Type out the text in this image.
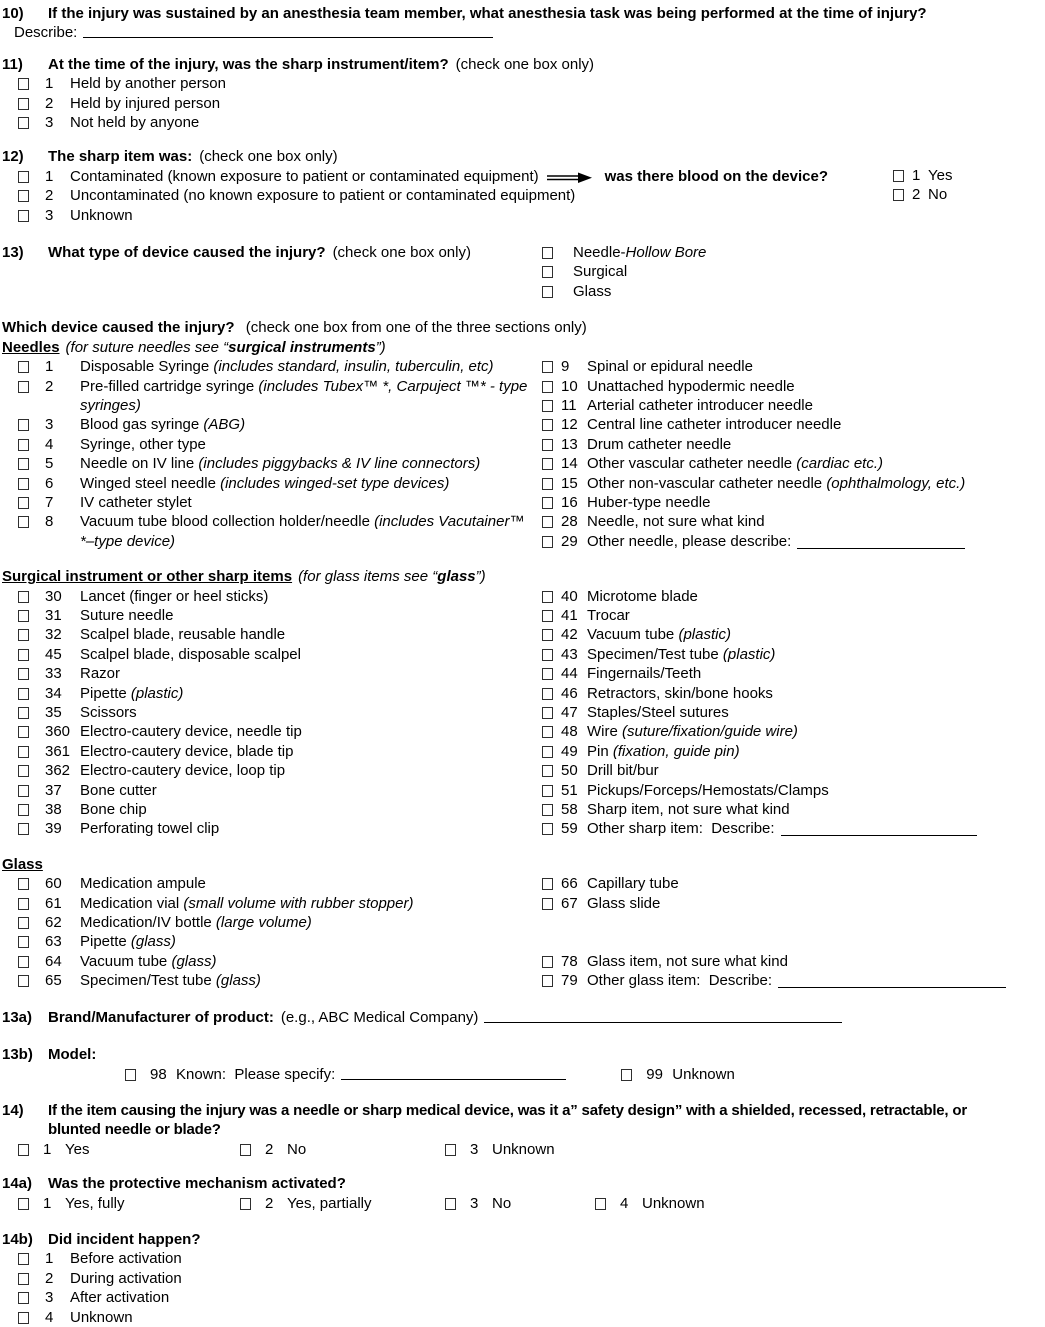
10)	If the injury was sustained by an anesthesia team member, what anesthesia task was being performed at the time of injury?
Describe:
11)	At the time of the injury, was the sharp instrument/item? (check one box only)
1	Held by another person
2	Held by injured person
3	Not held by anyone
12)	The sharp item was: (check one box only)
1	Contaminated (known exposure to patient or contaminated equipment)	was there blood on the device?
2	Uncontaminated (no known exposure to patient or contaminated equipment)
3	Unknown
1 Yes
2 No
13)	What type of device caused the injury? (check one box only)	Needle-Hollow Bore
Surgical
Glass
Which device caused the injury? (check one box from one of the three sections only)
Needles (for suture needles see “surgical instruments”)
1	Disposable Syringe (includes standard, insulin, tuberculin, etc)
2	Pre-filled cartridge syringe (includes Tubex™ *, Carpuject ™* - type syringes)
3	Blood gas syringe (ABG)
4	Syringe, other type
5	Needle on IV line (includes piggybacks & IV line connectors)
6	Winged steel needle (includes winged-set type devices)
7	IV catheter stylet
8	Vacuum tube blood collection holder/needle (includes Vacutainer™ *–type device)
9	Spinal or epidural needle
10 Unattached hypodermic needle
11 Arterial catheter introducer needle
12 Central line catheter introducer needle
13 Drum catheter needle
14 Other vascular catheter needle (cardiac etc.)
15 Other non-vascular catheter needle (ophthalmology, etc.)
16 Huber-type needle
28 Needle, not sure what kind
29 Other needle, please describe:
Surgical instrument or other sharp items (for glass items see “glass”)
30	Lancet (finger or heel sticks)
31	Suture needle
32	Scalpel blade, reusable handle
45	Scalpel blade, disposable scalpel
33	Razor
34	Pipette (plastic)
35	Scissors
360 Electro-cautery device, needle tip
361 Electro-cautery device, blade tip
362 Electro-cautery device, loop tip
37	Bone cutter
38	Bone chip
39	Perforating towel clip
40 Microtome blade
41 Trocar
42 Vacuum tube (plastic)
43 Specimen/Test tube (plastic)
44 Fingernails/Teeth
46 Retractors, skin/bone hooks
47 Staples/Steel sutures
48 Wire (suture/fixation/guide wire)
49 Pin (fixation, guide pin)
50 Drill bit/bur
51 Pickups/Forceps/Hemostats/Clamps
58 Sharp item, not sure what kind
59 Other sharp item:  Describe:
Glass
60	Medication ampule
61	Medication vial (small volume with rubber stopper)
62	Medication/IV bottle (large volume)
63	Pipette (glass)
64	Vacuum tube (glass)
65	Specimen/Test tube (glass)
66 Capillary tube
67 Glass slide

78 Glass item, not sure what kind
79 Other glass item:  Describe:
13a)	Brand/Manufacturer of product: (e.g., ABC Medical Company)
13b)	Model:
98 Known:  Please specify:	99 Unknown
14)	If the item causing the injury was a needle or sharp medical device, was it a” safety design” with a shielded, recessed, retractable, or
blunted needle or blade?
1 Yes	2 No	3 Unknown
14a)	Was the protective mechanism activated?
1 Yes, fully	2 Yes, partially	3 No	4 Unknown
14b)	Did incident happen?
1	Before activation
2	During activation
3	After activation
4	Unknown
